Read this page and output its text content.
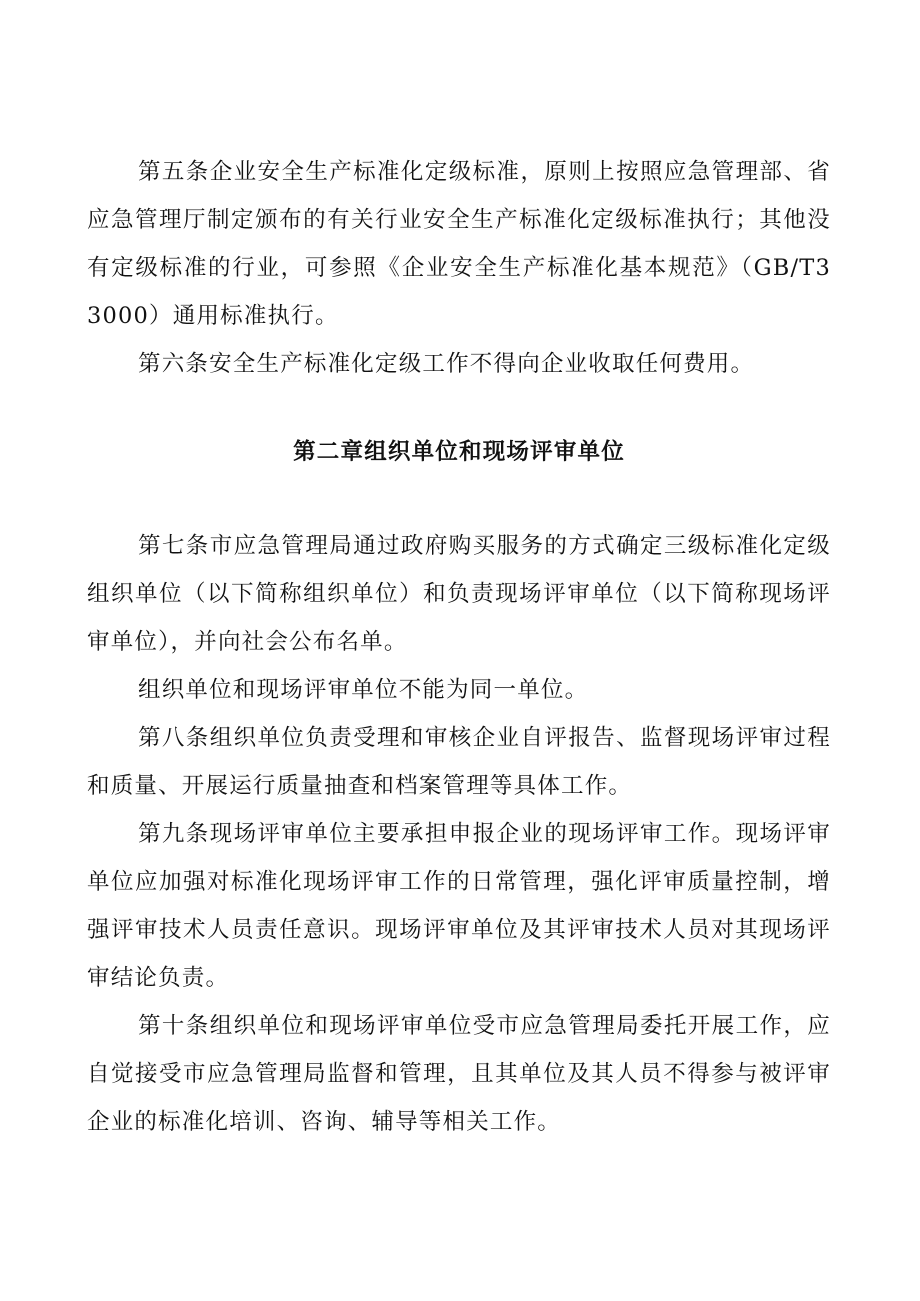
第五条企业安全生产标准化定级标准，原则上按照应急管理部、省应急管理厅制定颁布的有关行业安全生产标准化定级标准执行；其他没有定级标准的行业，可参照《企业安全生产标准化基本规范》（GB/T33000）通用标准执行。

第六条安全生产标准化定级工作不得向企业收取任何费用。

第二章组织单位和现场评审单位

第七条市应急管理局通过政府购买服务的方式确定三级标准化定级组织单位（以下简称组织单位）和负责现场评审单位（以下简称现场评审单位），并向社会公布名单。

组织单位和现场评审单位不能为同一单位。

第八条组织单位负责受理和审核企业自评报告、监督现场评审过程和质量、开展运行质量抽查和档案管理等具体工作。

第九条现场评审单位主要承担申报企业的现场评审工作。现场评审单位应加强对标准化现场评审工作的日常管理，强化评审质量控制，增强评审技术人员责任意识。现场评审单位及其评审技术人员对其现场评审结论负责。

第十条组织单位和现场评审单位受市应急管理局委托开展工作，应自觉接受市应急管理局监督和管理，且其单位及其人员不得参与被评审企业的标准化培训、咨询、辅导等相关工作。
